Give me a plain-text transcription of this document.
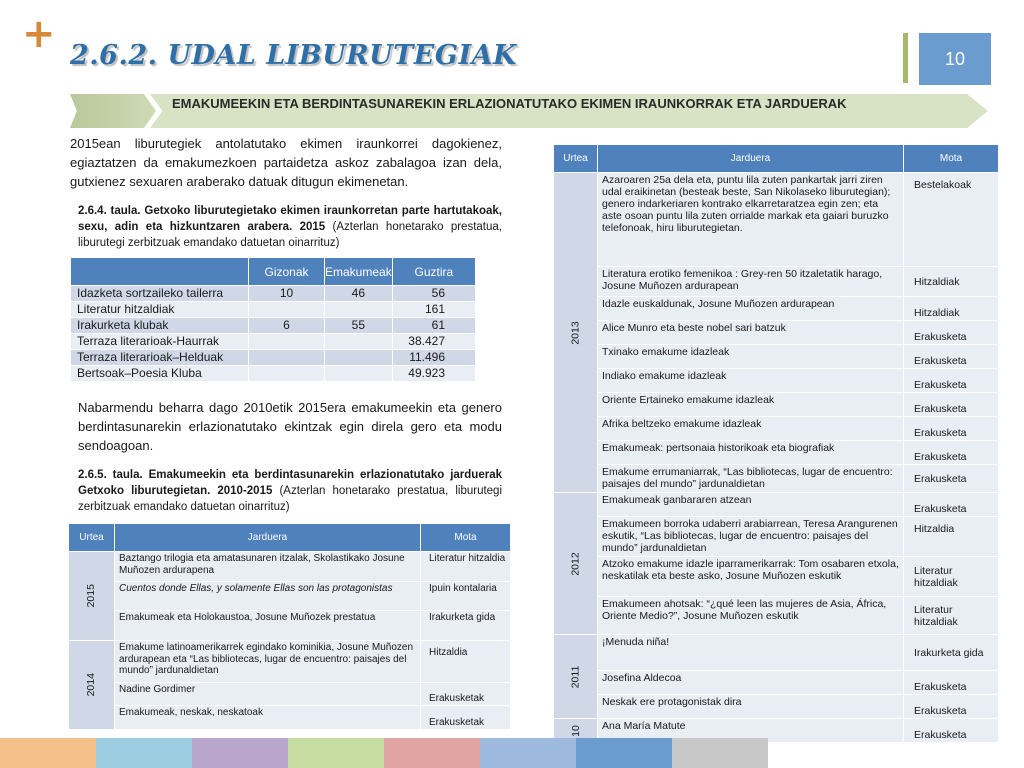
+ 2.6.2. UDAL LIBURUTEGIAK	10
EMAKUMEEKIN ETA BERDINTASUNAREKIN ERLAZIONATUTAKO EKIMEN IRAUNKORRAK ETA JARDUERAK
2015ean liburutegiek antolatutako ekimen iraunkorrei dagokienez, egiaztatzen da emakumezkoen partaidetza askoz zabalagoa izan dela, gutxienez sexuaren araberako datuak ditugun ekimenetan.
2.6.4. taula. Getxoko liburutegietako ekimen iraunkorretan parte hartutakoak, sexu, adin eta hizkuntzaren arabera. 2015 (Azterlan honetarako prestatua, liburutegi zerbitzuak emandako datuetan oinarrituz)
	Gizonak	Emakumeak	Guztira
Idazketa sortzaileko tailerra	10	46	56
Literatur hitzaldiak			161
Irakurketa klubak	6	55	61
Terraza literarioak-Haurrak			38.427
Terraza literarioak–Helduak			11.496
Bertsoak–Poesia Kluba			49.923
Nabarmendu beharra dago 2010etik 2015era emakumeekin eta genero berdintasunarekin erlazionatutako ekintzak egin direla gero eta modu sendoagoan.
2.6.5. taula. Emakumeekin eta berdintasunarekin erlazionatutako jarduerak Getxoko liburutegietan. 2010-2015 (Azterlan honetarako prestatua, liburutegi zerbitzuak emandako datuetan oinarrituz)
Urtea	Jarduera	Mota
2015	Baztango trilogia eta amatasunaren itzalak, Skolastikako Josune Muñozen ardurapena	Literatur hitzaldia
	Cuentos donde Ellas, y solamente Ellas son las protagonistas	Ipuin kontalaria
	Emakumeak eta Holokaustoa, Josune Muñozek prestatua	Irakurketa gida
2014	Emakume latinoamerikarrek egindako kominikia, Josune Muñozen ardurapean eta “Las bibliotecas, lugar de encuentro: paisajes del mundo” jardunaldietan	Hitzaldia
	Nadine Gordimer	Erakusketak
	Emakumeak, neskak, neskatoak	Erakusketak
Urtea	Jarduera	Mota
2013	Azaroaren 25a dela eta, puntu lila zuten pankartak jarri ziren udal eraikinetan (besteak beste, San Nikolaseko liburutegian); genero indarkeriaren kontrako elkarretaratzea egin zen; eta aste osoan puntu lila zuten orrialde markak eta gaiari buruzko telefonoak, hiru liburutegietan.	Bestelakoak
	Literatura erotiko femenikoa : Grey-ren 50 itzaletatik harago, Josune Muñozen ardurapean	Hitzaldiak
	Idazle euskaldunak, Josune Muñozen ardurapean	Hitzaldiak
	Alice Munro eta beste nobel sari batzuk	Erakusketa
	Txinako emakume idazleak	Erakusketa
	Indiako emakume idazleak	Erakusketa
	Oriente Ertaineko emakume idazleak	Erakusketa
	Afrika beltzeko emakume idazleak	Erakusketa
	Emakumeak: pertsonaia historikoak eta biografiak	Erakusketa
	Emakume errumaniarrak, “Las bibliotecas, lugar de encuentro: paisajes del mundo” jardunaldietan	Erakusketa
2012	Emakumeak ganbararen atzean	Erakusketa
	Emakumeen borroka udaberri arabiarrean, Teresa Arangurenen eskutik, “Las bibliotecas, lugar de encuentro: paisajes del mundo” jardunaldietan	Hitzaldia
	Atzoko emakume idazle iparramerikarrak: Tom osabaren etxola, neskatilak eta beste asko, Josune Muñozen eskutik	Literatur hitzaldiak
	Emakumeen ahotsak: “¿qué leen las mujeres de Asia, África, Oriente Medio?”, Josune Muñozen eskutik	Literatur hitzaldiak
2011	¡Menuda niña!	Irakurketa gida
	Josefina Aldecoa	Erakusketa
	Neskak ere protagonistak dira	Erakusketa
10	Ana María Matute	Erakusketa
